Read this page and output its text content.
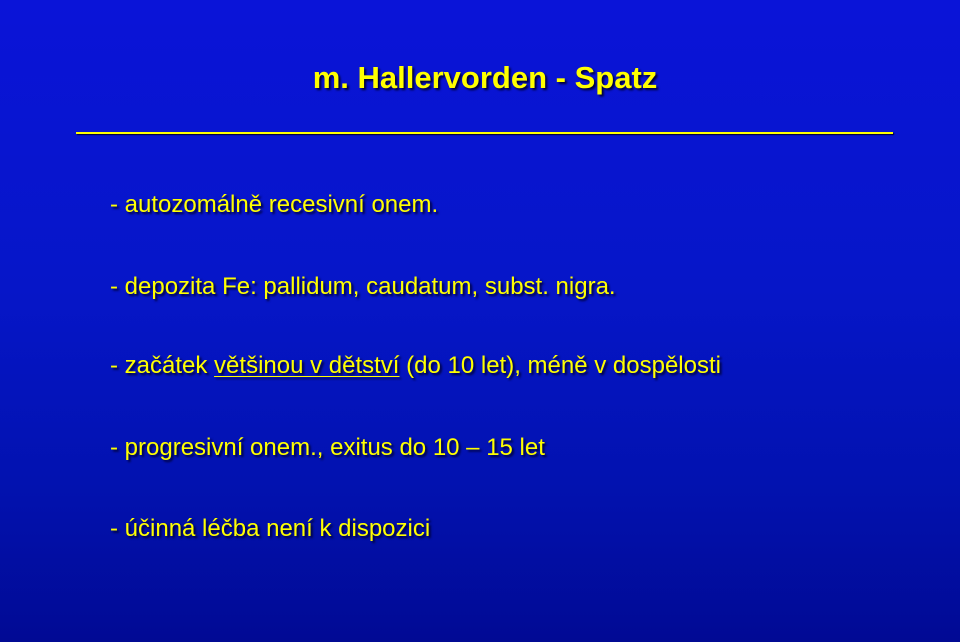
m. Hallervorden - Spatz
- autozomálně recesivní onem.
- depozita Fe: pallidum, caudatum, subst. nigra.
- začátek většinou v dětství (do 10 let), méně v dospělosti
- progresivní onem., exitus do 10 – 15 let
- účinná léčba není k dispozici
